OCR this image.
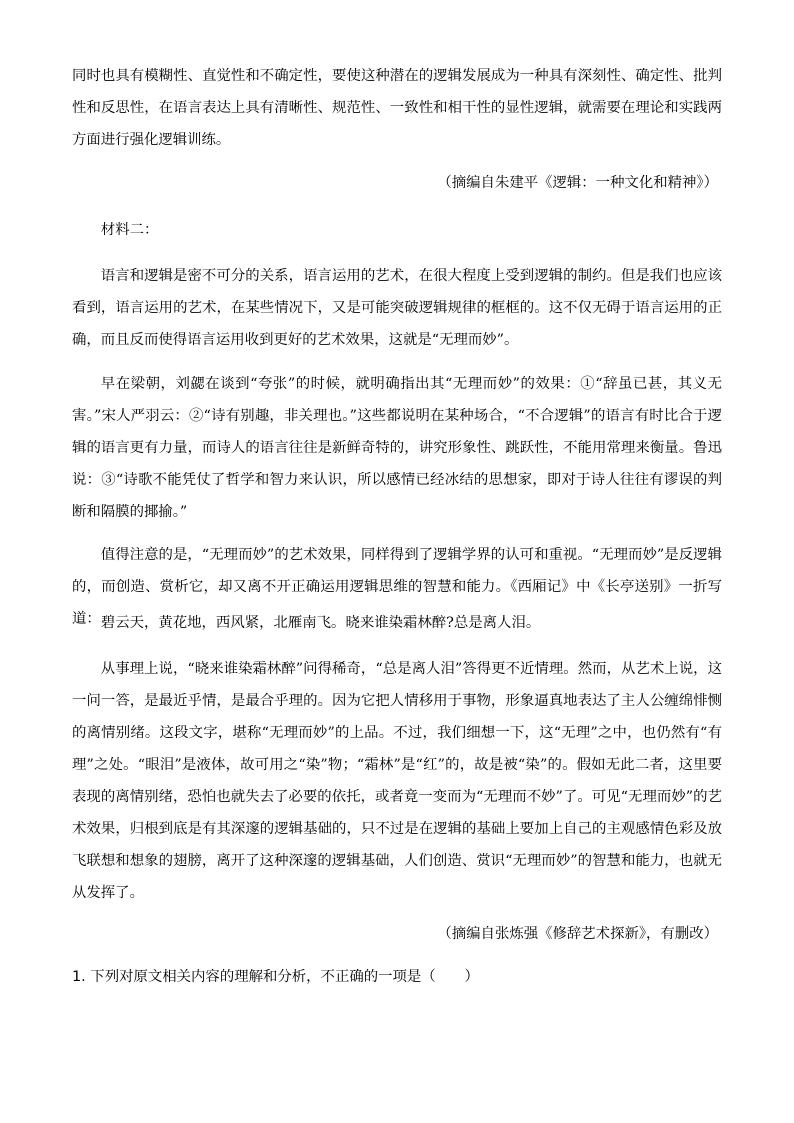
同时也具有模糊性、直觉性和不确定性，要使这种潜在的逻辑发展成为一种具有深刻性、确定性、批判性和反思性，在语言表达上具有清晰性、规范性、一致性和相干性的显性逻辑，就需要在理论和实践两方面进行强化逻辑训练。

（摘编自朱建平《逻辑：一种文化和精神》）

材料二：

语言和逻辑是密不可分的关系，语言运用的艺术，在很大程度上受到逻辑的制约。但是我们也应该看到，语言运用的艺术，在某些情况下，又是可能突破逻辑规律的框框的。这不仅无碍于语言运用的正确，而且反而使得语言运用收到更好的艺术效果，这就是“无理而妙”。

早在梁朝，刘勰在谈到“夸张”的时候，就明确指出其“无理而妙”的效果：①“辞虽已甚，其义无害。”宋人严羽云：②“诗有别趣，非关理也。”这些都说明在某种场合，“不合逻辑”的语言有时比合于逻辑的语言更有力量，而诗人的语言往往是新鲜奇特的，讲究形象性、跳跃性，不能用常理来衡量。鲁迅说：③“诗歌不能凭仗了哲学和智力来认识，所以感情已经冰结的思想家，即对于诗人往往有谬误的判断和隔膜的揶揄。”

值得注意的是，“无理而妙”的艺术效果，同样得到了逻辑学界的认可和重视。“无理而妙”是反逻辑的，而创造、赏析它，却又离不开正确运用逻辑思维的智慧和能力。《西厢记》中《长亭送别》一折写道： 碧云天，黄花地，西风紧，北雁南飞。晓来谁染霜林醉?总是离人泪。

从事理上说，“晓来谁染霜林醉”问得稀奇，“总是离人泪”答得更不近情理。然而，从艺术上说，这一问一答，是最近乎情，是最合乎理的。因为它把人情移用于事物，形象逼真地表达了主人公缠绵悱恻的离情别绪。这段文字，堪称“无理而妙”的上品。不过，我们细想一下，这“无理”之中，也仍然有“有理”之处。“眼泪”是液体，故可用之“染”物；“霜林”是“红”的，故是被“染”的。假如无此二者，这里要表现的离情别绪，恐怕也就失去了必要的依托，或者竟一变而为“无理而不妙”了。可见“无理而妙”的艺术效果，归根到底是有其深邃的逻辑基础的，只不过是在逻辑的基础上要加上自己的主观感情色彩及放飞联想和想象的翅膀，离开了这种深邃的逻辑基础，人们创造、赏识“无理而妙”的智慧和能力，也就无从发挥了。

（摘编自张炼强《修辞艺术探新》，有删改）

1. 下列对原文相关内容的理解和分析，不正确的一项是（　　）
